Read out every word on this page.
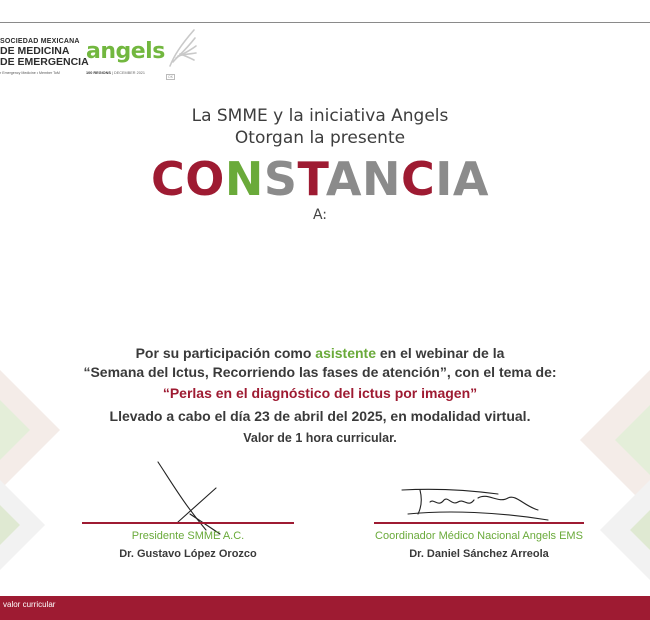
SOCIEDAD MEXICANA
DE MEDICINA
DE EMERGENCIA
r Emergency Medicine • Member ToM
angels
100 REGIONS | DECEMBER 2021
OK
La SMME y la iniciativa Angels
Otorgan la presente
CONSTANCIA
A:
Por su participación como asistente en el webinar de la
“Semana del Ictus, Recorriendo las fases de atención”, con el tema de:
“Perlas en el diagnóstico del ictus por imagen”
Llevado a cabo el día 23 de abril del 2025, en modalidad virtual.
Valor de 1 hora curricular.
Presidente SMME A.C.	Coordinador Médico Nacional Angels EMS
Dr. Gustavo López Orozco	Dr. Daniel Sánchez Arreola
valor curricular
